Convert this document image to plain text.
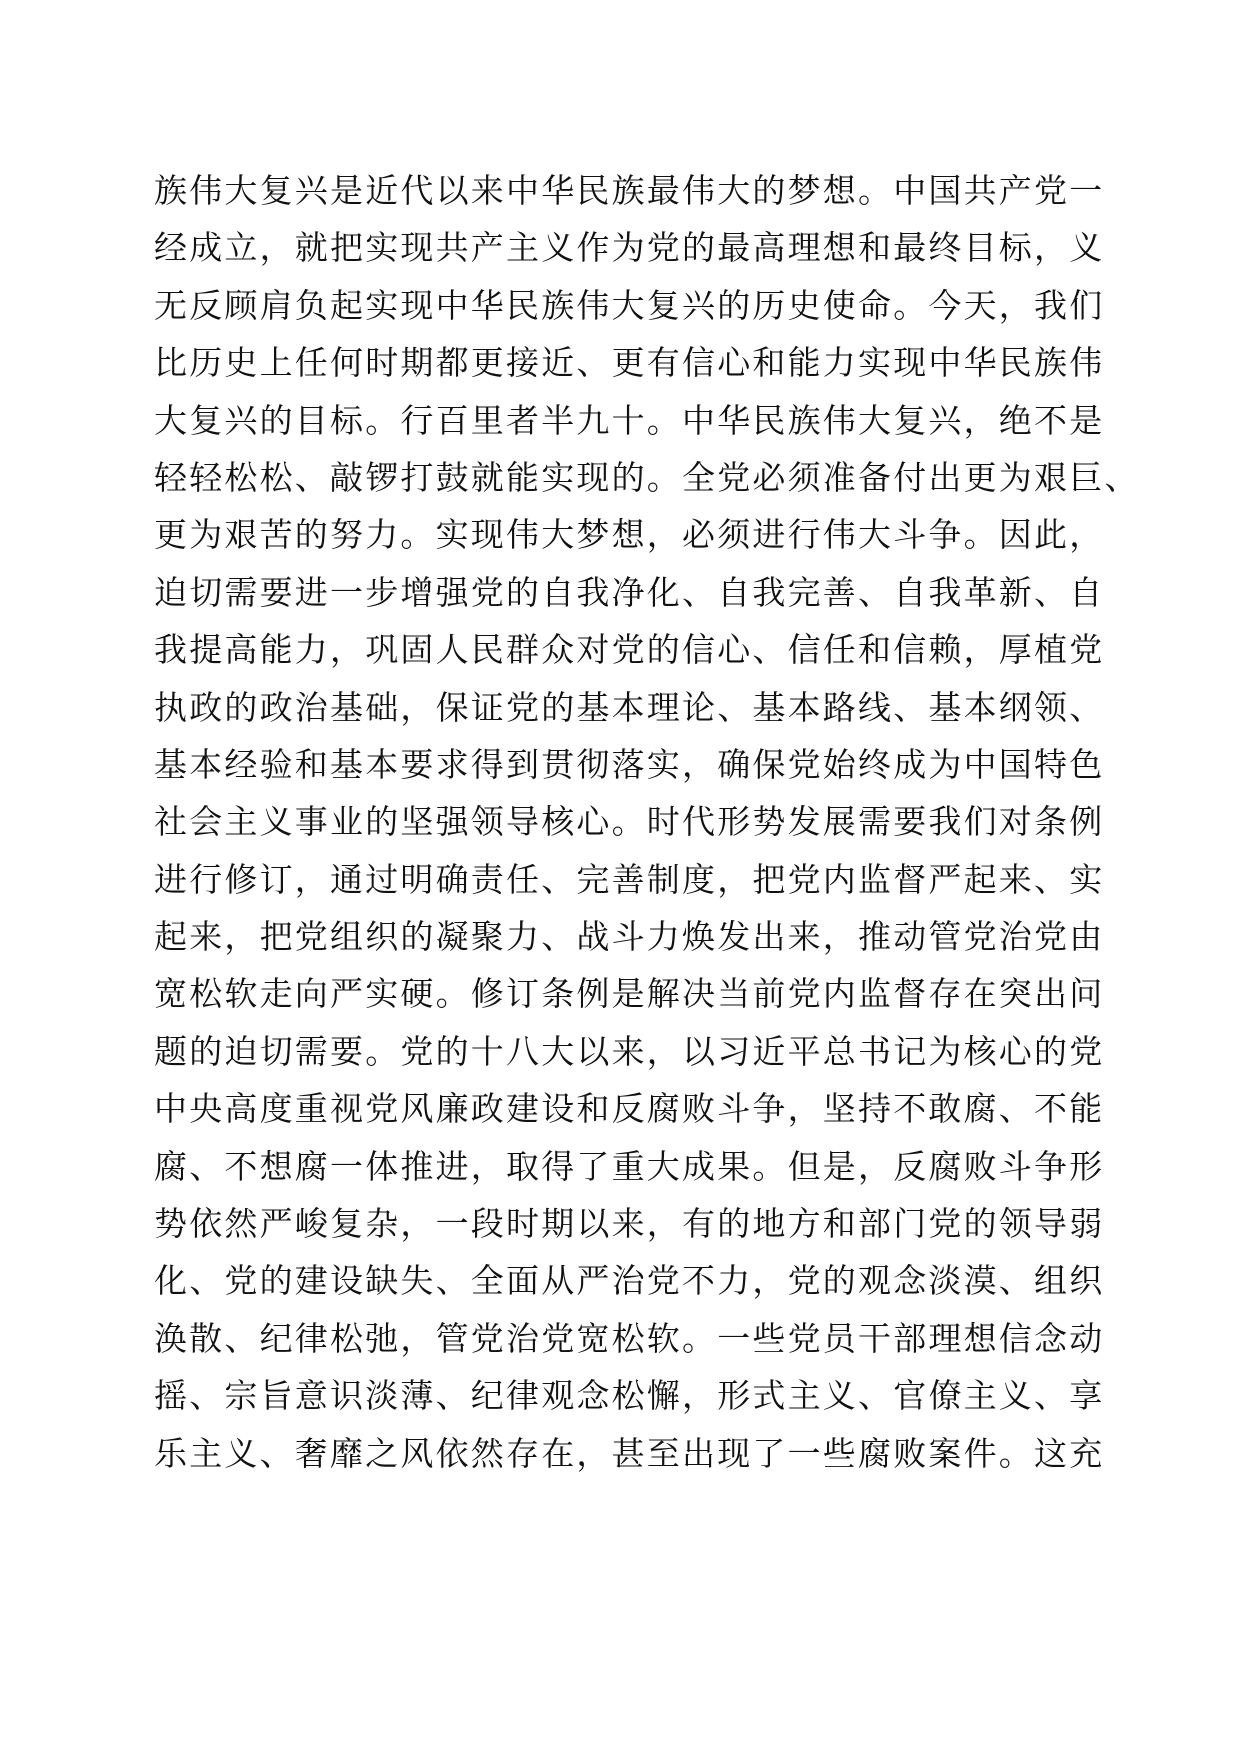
族伟大复兴是近代以来中华民族最伟大的梦想。中国共产党一
经成立，就把实现共产主义作为党的最高理想和最终目标，义
无反顾肩负起实现中华民族伟大复兴的历史使命。今天，我们
比历史上任何时期都更接近、更有信心和能力实现中华民族伟
大复兴的目标。行百里者半九十。中华民族伟大复兴，绝不是
轻轻松松、敲锣打鼓就能实现的。全党必须准备付出更为艰巨、
更为艰苦的努力。实现伟大梦想，必须进行伟大斗争。因此，
迫切需要进一步增强党的自我净化、自我完善、自我革新、自
我提高能力，巩固人民群众对党的信心、信任和信赖，厚植党
执政的政治基础，保证党的基本理论、基本路线、基本纲领、
基本经验和基本要求得到贯彻落实，确保党始终成为中国特色
社会主义事业的坚强领导核心。时代形势发展需要我们对条例
进行修订，通过明确责任、完善制度，把党内监督严起来、实
起来，把党组织的凝聚力、战斗力焕发出来，推动管党治党由
宽松软走向严实硬。修订条例是解决当前党内监督存在突出问
题的迫切需要。党的十八大以来，以习近平总书记为核心的党
中央高度重视党风廉政建设和反腐败斗争，坚持不敢腐、不能
腐、不想腐一体推进，取得了重大成果。但是，反腐败斗争形
势依然严峻复杂，一段时期以来，有的地方和部门党的领导弱
化、党的建设缺失、全面从严治党不力，党的观念淡漠、组织
涣散、纪律松弛，管党治党宽松软。一些党员干部理想信念动
摇、宗旨意识淡薄、纪律观念松懈，形式主义、官僚主义、享
乐主义、奢靡之风依然存在，甚至出现了一些腐败案件。这充
